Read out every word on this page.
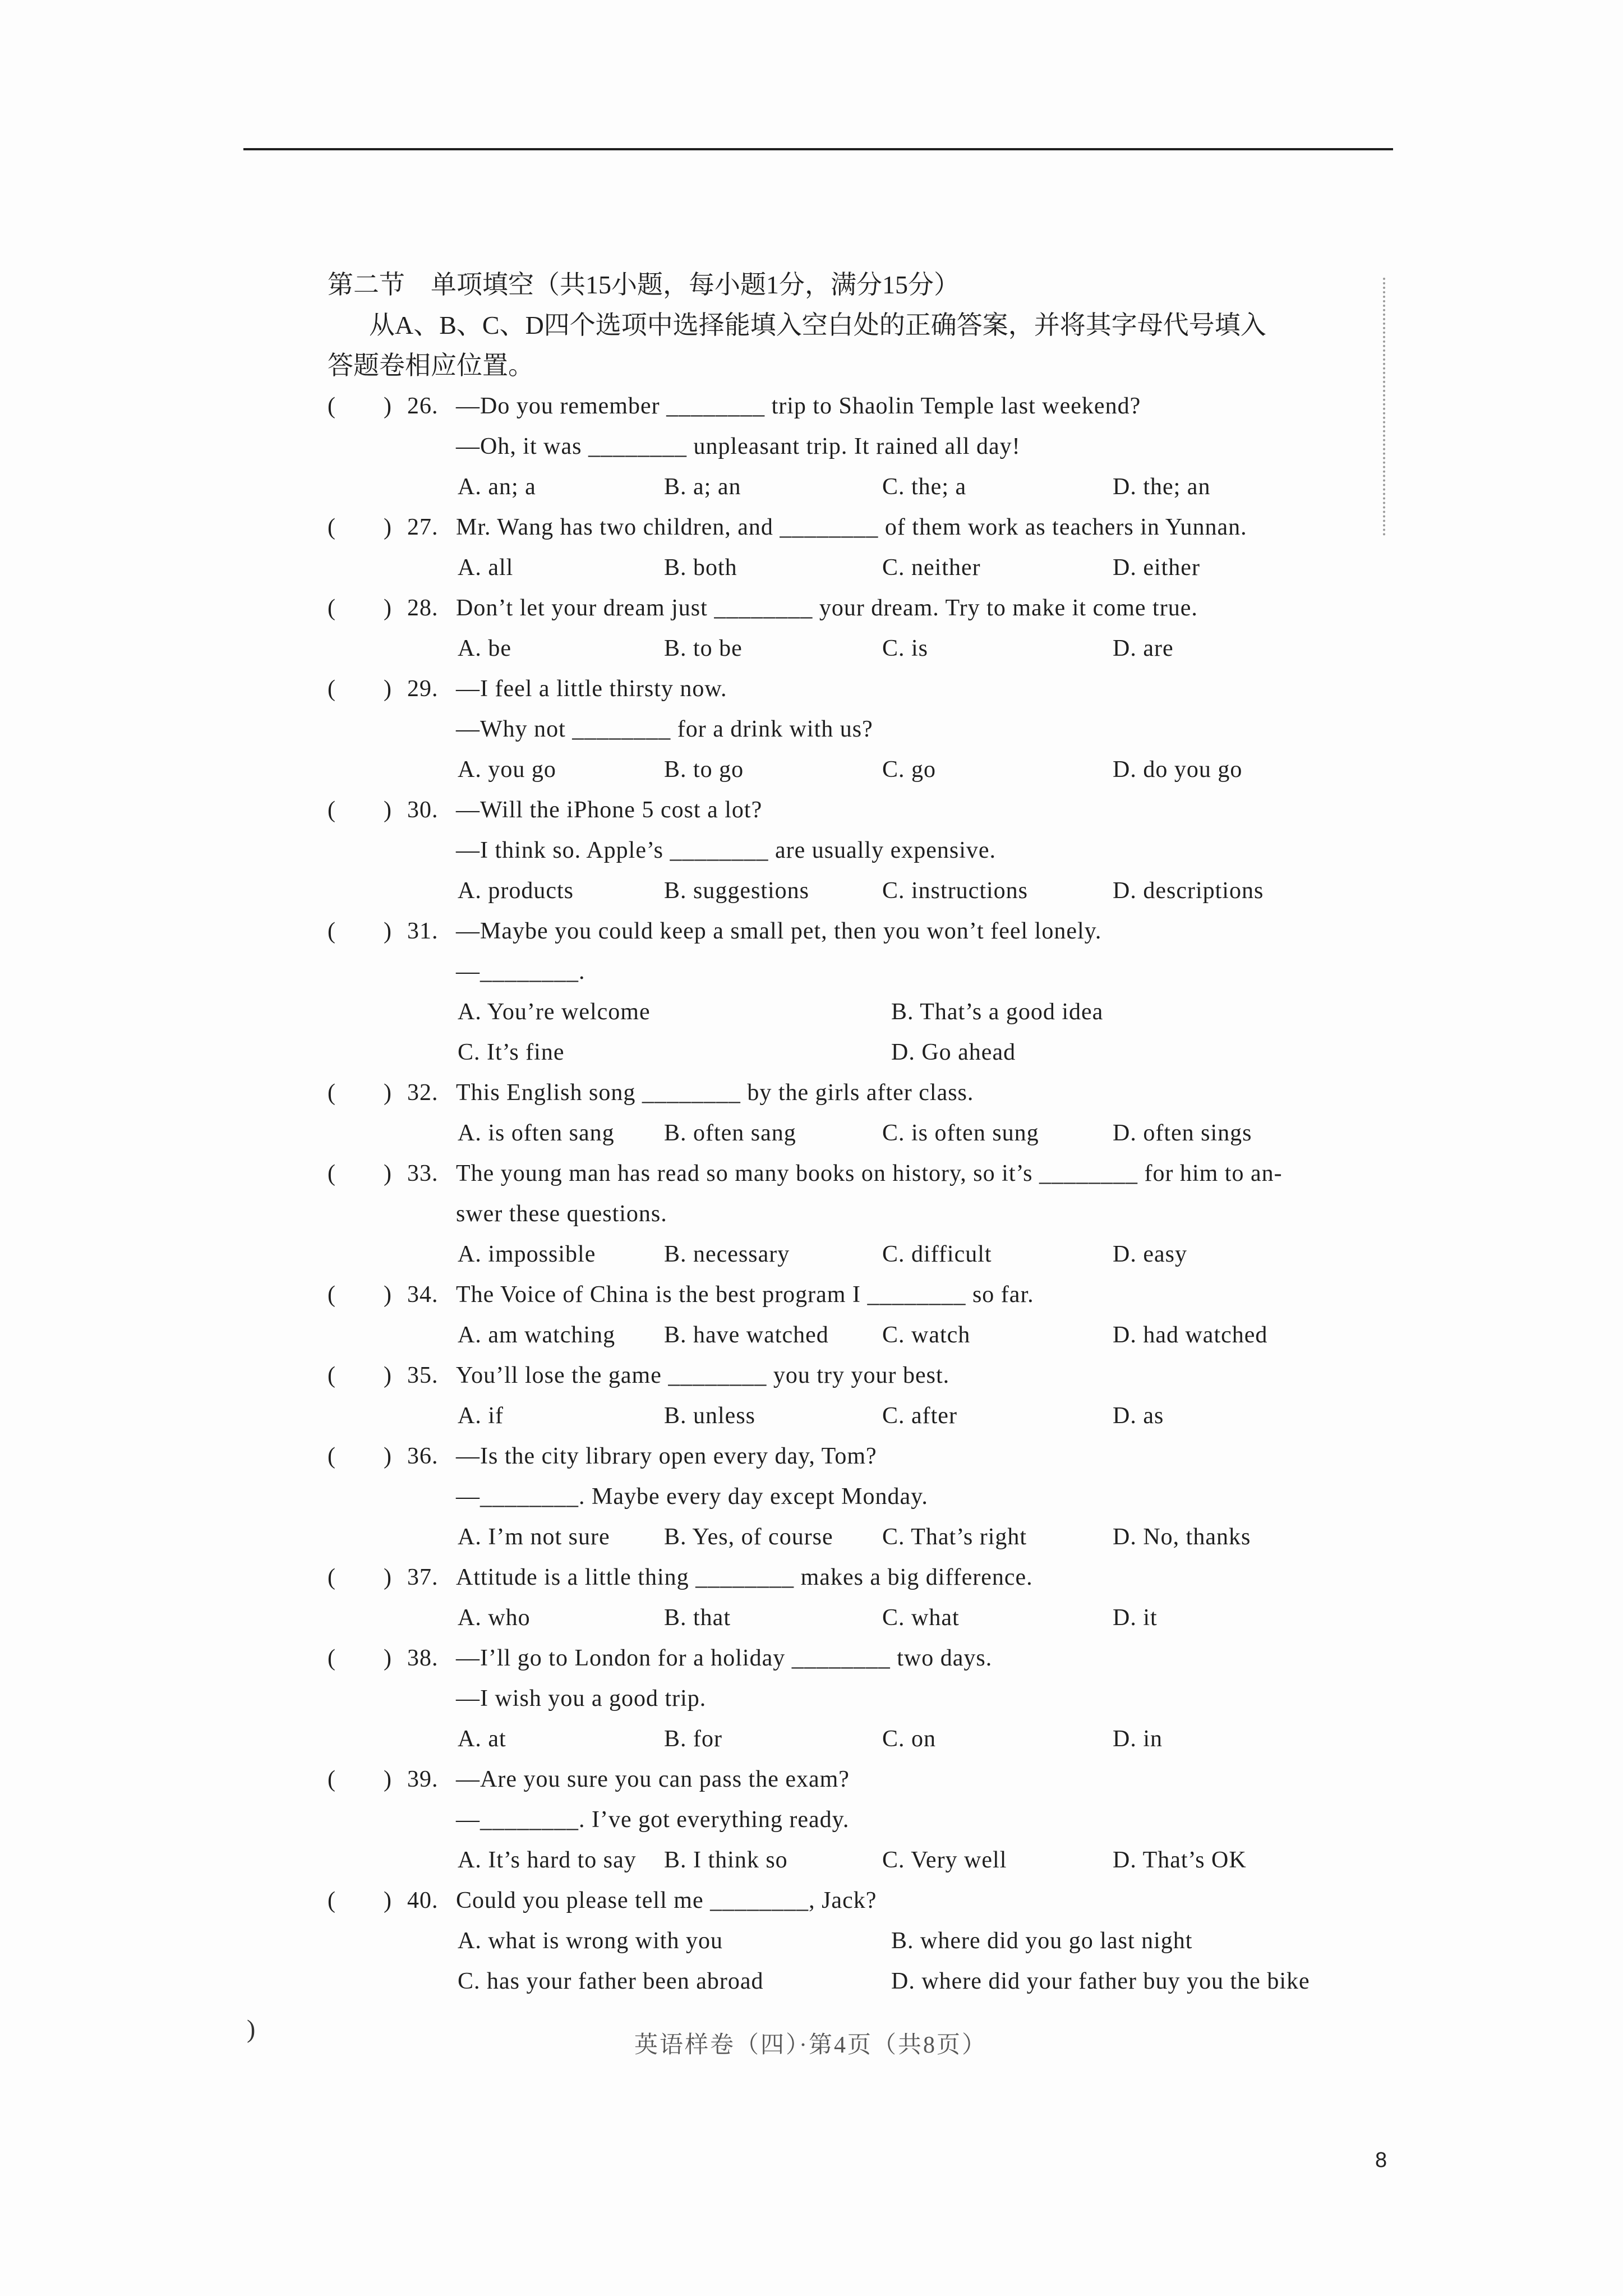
第二节　单项填空（共15小题，每小题1分，满分15分）
从A、B、C、D四个选项中选择能填入空白处的正确答案，并将其字母代号填入
答题卷相应位置。
( ) 26. —Do you remember ________ trip to Shaolin Temple last weekend?
—Oh, it was ________ unpleasant trip. It rained all day!
A. an; a	B. a; an	C. the; a	D. the; an
( ) 27. Mr. Wang has two children, and ________ of them work as teachers in Yunnan.
A. all	B. both	C. neither	D. either
( ) 28. Don’t let your dream just ________ your dream. Try to make it come true.
A. be	B. to be	C. is	D. are
( ) 29. —I feel a little thirsty now.
—Why not ________ for a drink with us?
A. you go	B. to go	C. go	D. do you go
( ) 30. —Will the iPhone 5 cost a lot?
—I think so. Apple’s ________ are usually expensive.
A. products	B. suggestions	C. instructions	D. descriptions
( ) 31. —Maybe you could keep a small pet, then you won’t feel lonely.
—________.
A. You’re welcome	B. That’s a good idea
C. It’s fine	D. Go ahead
( ) 32. This English song ________ by the girls after class.
A. is often sang B. often sang	C. is often sung	D. often sings
( ) 33. The young man has read so many books on history, so it’s ________ for him to an-
swer these questions.
A. impossible	B. necessary	C. difficult	D. easy
( ) 34. The Voice of China is the best program I ________ so far.
A. am watching B. have watched C. watch	D. had watched
( ) 35. You’ll lose the game ________ you try your best.
A. if	B. unless	C. after	D. as
( ) 36. —Is the city library open every day, Tom?
—________. Maybe every day except Monday.
A. I’m not sure B. Yes, of course C. That’s right	D. No, thanks
( ) 37. Attitude is a little thing ________ makes a big difference.
A. who	B. that	C. what	D. it
( ) 38. —I’ll go to London for a holiday ________ two days.
—I wish you a good trip.
A. at	B. for	C. on	D. in
( ) 39. —Are you sure you can pass the exam?
—________. I’ve got everything ready.
A. It’s hard to say B. I think so	C. Very well	D. That’s OK
( ) 40. Could you please tell me ________, Jack?
A. what is wrong with you	B. where did you go last night
C. has your father been abroad	D. where did your father buy you the bike
)
英语样卷（四）·第4页（共8页）
8
